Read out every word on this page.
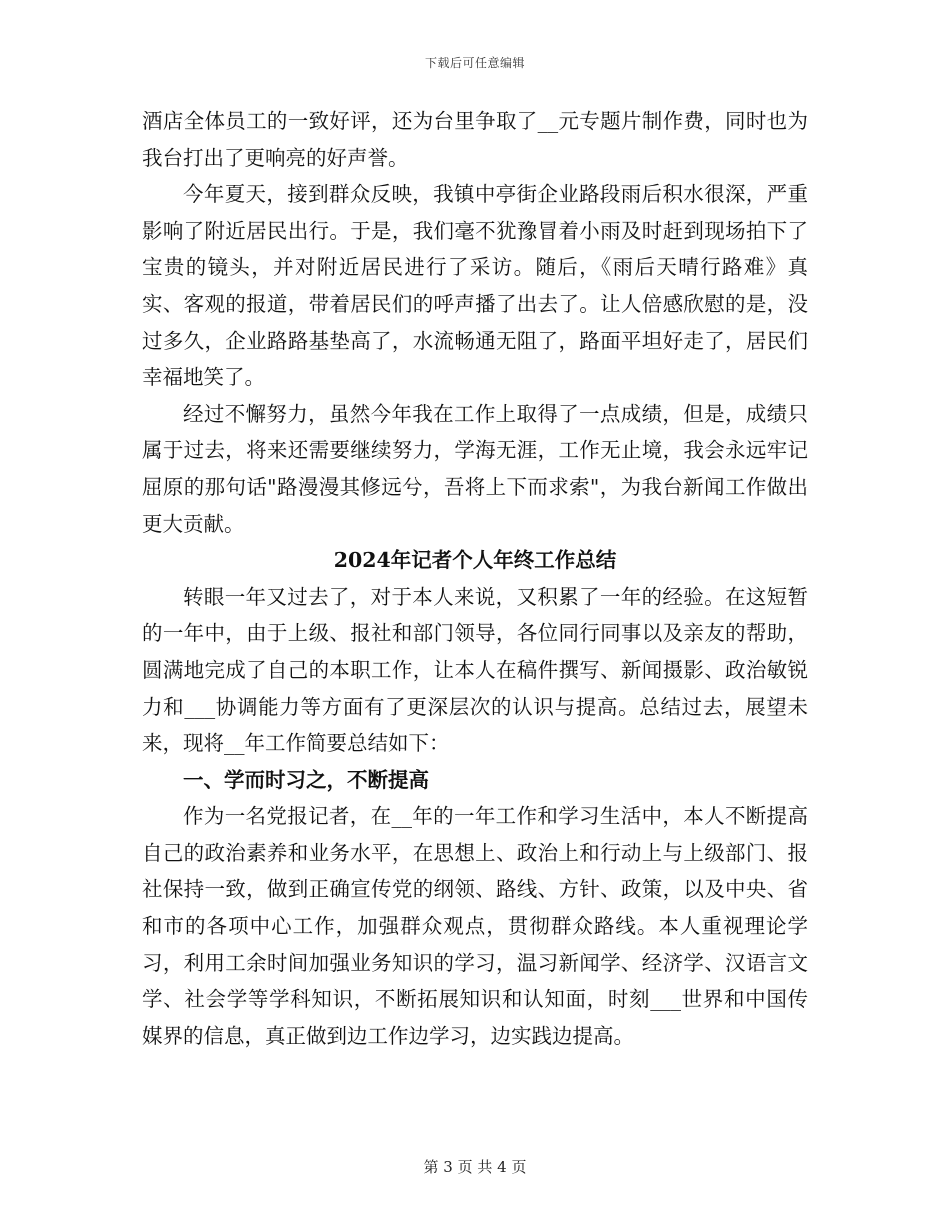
下载后可任意编辑

酒店全体员工的一致好评，还为台里争取了__元专题片制作费，同时也为我台打出了更响亮的好声誉。

今年夏天，接到群众反映，我镇中亭街企业路段雨后积水很深，严重影响了附近居民出行。于是，我们毫不犹豫冒着小雨及时赶到现场拍下了宝贵的镜头，并对附近居民进行了采访。随后，《雨后天晴行路难》真实、客观的报道，带着居民们的呼声播了出去了。让人倍感欣慰的是，没过多久，企业路路基垫高了，水流畅通无阻了，路面平坦好走了，居民们幸福地笑了。

经过不懈努力，虽然今年我在工作上取得了一点成绩，但是，成绩只属于过去，将来还需要继续努力，学海无涯，工作无止境，我会永远牢记屈原的那句话"路漫漫其修远兮，吾将上下而求索"，为我台新闻工作做出更大贡献。

2024年记者个人年终工作总结

转眼一年又过去了，对于本人来说，又积累了一年的经验。在这短暂的一年中，由于上级、报社和部门领导，各位同行同事以及亲友的帮助，圆满地完成了自己的本职工作，让本人在稿件撰写、新闻摄影、政治敏锐力和___协调能力等方面有了更深层次的认识与提高。总结过去，展望未来，现将__年工作简要总结如下：

一、学而时习之，不断提高

作为一名党报记者，在__年的一年工作和学习生活中，本人不断提高自己的政治素养和业务水平，在思想上、政治上和行动上与上级部门、报社保持一致，做到正确宣传党的纲领、路线、方针、政策，以及中央、省和市的各项中心工作，加强群众观点，贯彻群众路线。本人重视理论学习，利用工余时间加强业务知识的学习，温习新闻学、经济学、汉语言文学、社会学等学科知识，不断拓展知识和认知面，时刻___世界和中国传媒界的信息，真正做到边工作边学习，边实践边提高。

第 3 页 共 4 页
